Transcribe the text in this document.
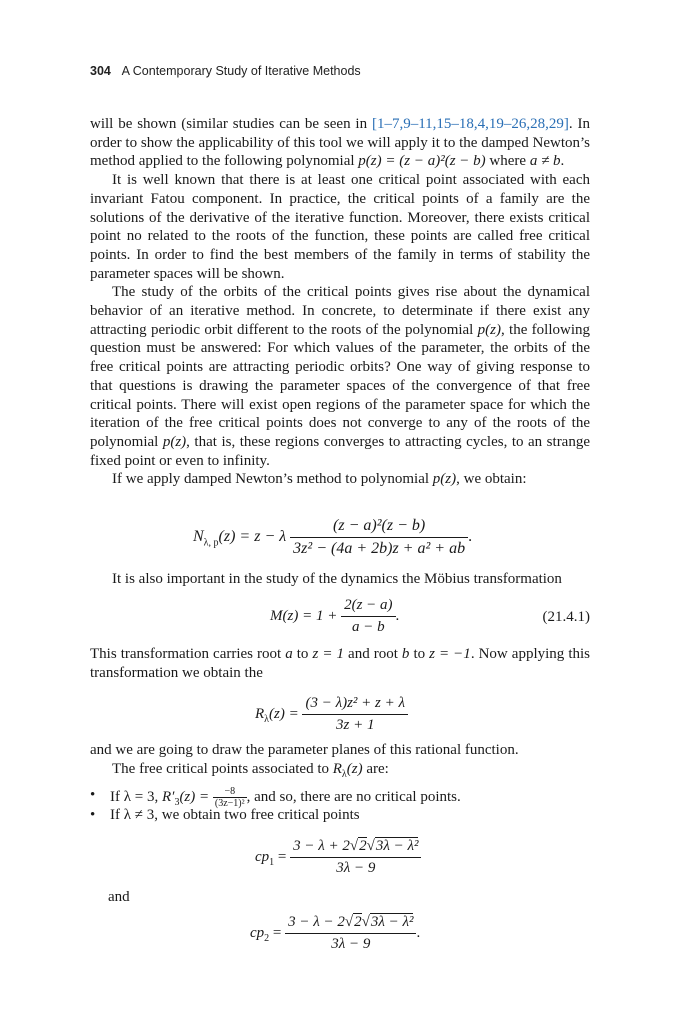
304 A Contemporary Study of Iterative Methods

will be shown (similar studies can be seen in [1–7,9–11,15–18,4,19–26,28,29]. In order to show the applicability of this tool we will apply it to the damped Newton’s method applied to the following polynomial p(z) = (z − a)²(z − b) where a ≠ b.

It is well known that there is at least one critical point associated with each invariant Fatou component. In practice, the critical points of a family are the solutions of the derivative of the iterative function. Moreover, there exists critical point no related to the roots of the function, these points are called free critical points. In order to find the best members of the family in terms of stability the parameter spaces will be shown.

The study of the orbits of the critical points gives rise about the dynamical behavior of an iterative method. In concrete, to determinate if there exist any attracting periodic orbit different to the roots of the polynomial p(z), the following question must be answered: For which values of the parameter, the orbits of the free critical points are attracting periodic orbits? One way of giving response to that questions is drawing the parameter spaces of the convergence of that free critical points. There will exist open regions of the parameter space for which the iteration of the free critical points does not converge to any of the roots of the polynomial p(z), that is, these regions converges to attracting cycles, to an strange fixed point or even to infinity.

If we apply damped Newton’s method to polynomial p(z), we obtain:

$N_{\lambda, p}(z) = z - \lambda \frac{\text{(z − a)²(z − b)}}{\text{3z² − (4a + 2b)z + a² + ab}}$ .

It is also important in the study of the dynamics the Möbius transformation

$M(z) = 1 + \frac{2(z - a)}{a - b}$ .	(21.4.1)

This transformation carries root a to z = 1 and root b to z = −1. Now applying this transformation we obtain the

$R_\lambda(z) = \frac{\text{(3 − λ)z² + z + λ}}{3z + 1}$

and we are going to draw the parameter planes of this rational function.

The free critical points associated to $R_\lambda(z)$ are:

• If λ = 3, $R'_3(z) = \frac{-8}{\text{(3z−1)²}}$ , and so, there are no critical points.
• If λ ≠ 3, we obtain two free critical points
$cp_1 = \frac{\text{3 − λ + 2√2√3λ − λ²}}{3\lambda - 9}$
and
$cp_2 = \frac{\text{3 − λ − 2√2√3λ − λ²}}{3\lambda - 9}$ .
